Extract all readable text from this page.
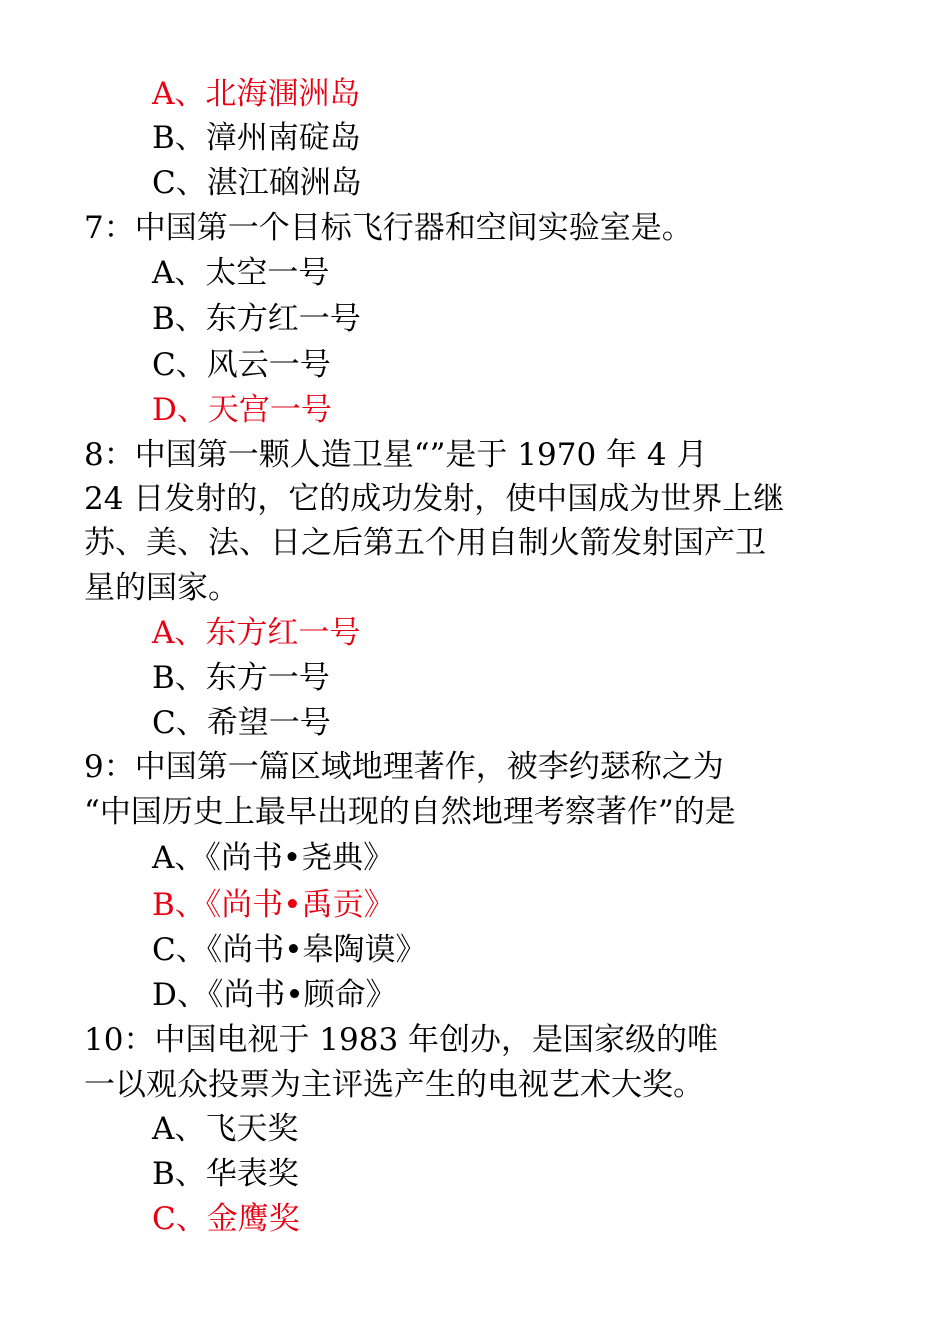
A、北海涠洲岛
B、漳州南碇岛
C、湛江硇洲岛
7：中国第一个目标飞行器和空间实验室是。
A、太空一号
B、东方红一号
C、风云一号
D、天宫一号
8：中国第一颗人造卫星“”是于 1970 年 4 月
24 日发射的，它的成功发射，使中国成为世界上继
苏、美、法、日之后第五个用自制火箭发射国产卫
星的国家。
A、东方红一号
B、东方一号
C、希望一号
9：中国第一篇区域地理著作，被李约瑟称之为
“中国历史上最早出现的自然地理考察著作”的是
A、《尚书•尧典》
B、《尚书•禹贡》
C、《尚书•皋陶谟》
D、《尚书•顾命》
10：中国电视于 1983 年创办，是国家级的唯
一以观众投票为主评选产生的电视艺术大奖。
A、飞天奖
B、华表奖
C、金鹰奖
